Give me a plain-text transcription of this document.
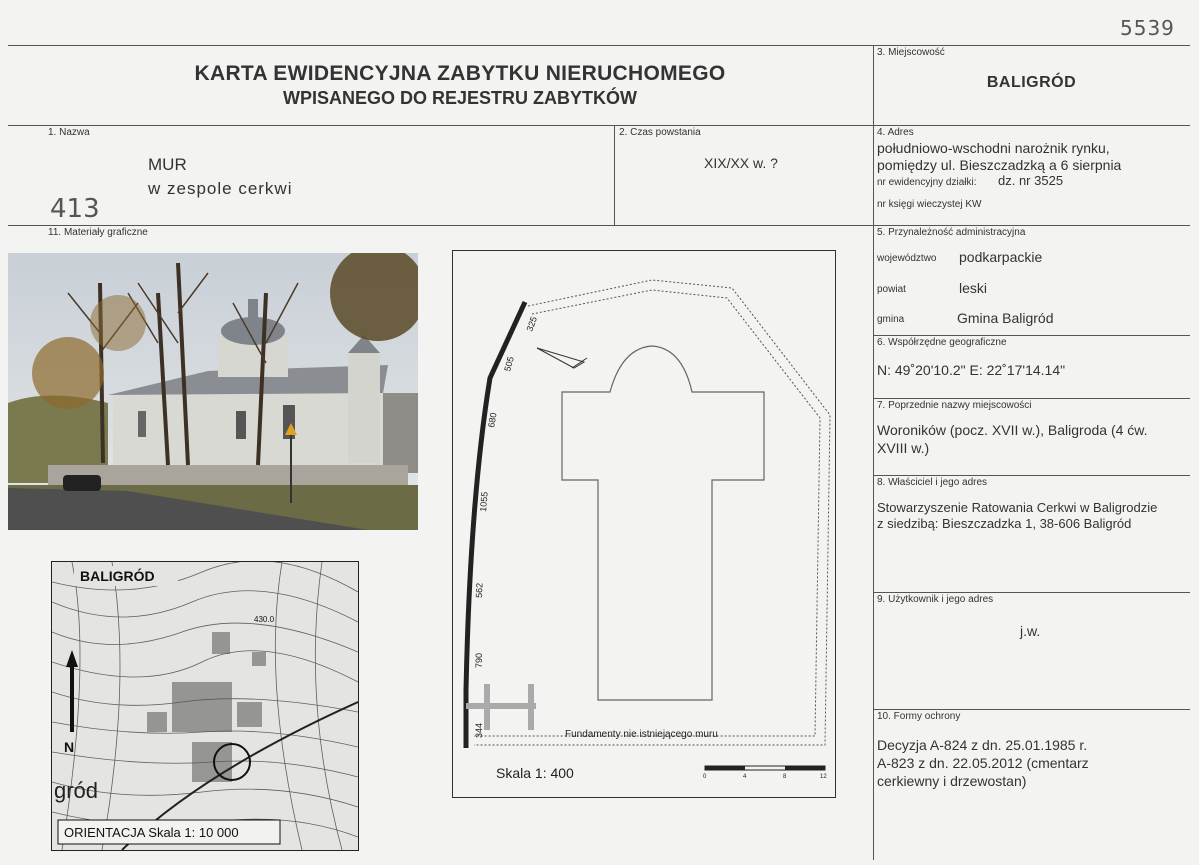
5539
413
KARTA EWIDENCYJNA ZABYTKU NIERUCHOMEGO
WPISANEGO DO REJESTRU ZABYTKÓW
3. Miejscowość
BALIGRÓD
1. Nazwa
MUR
w zespole cerkwi
2. Czas powstania
XIX/XX w. ?
4. Adres
południowo-wschodni narożnik rynku,
pomiędzy ul. Bieszczadzką a 6 sierpnia
nr ewidencyjny działki: dz. nr 3525
nr księgi wieczystej KW
11. Materiały graficzne
325
505
680
1055
562
790
344	Fundamenty nie istniejącego muru
Skala 1: 400	0	4	8	12
N
BALIGRÓD
430.0
gród
ORIENTACJA Skala 1: 10 000
5. Przynależność administracyjna
województwo podkarpackie
powiat	leski
gmina	Gmina Baligród
6. Współrzędne geograficzne
N: 49˚20'10.2" E: 22˚17'14.14"
7. Poprzednie nazwy miejscowości
Woroników (pocz. XVII w.), Baligroda (4 ćw.
XVIII w.)
8. Właściciel i jego adres
Stowarzyszenie Ratowania Cerkwi w Baligrodzie
z siedzibą: Bieszczadzka 1, 38-606 Baligród
9. Użytkownik i jego adres
j.w.
10. Formy ochrony
Decyzja A-824 z dn. 25.01.1985 r.
A-823 z dn. 22.05.2012 (cmentarz
cerkiewny i drzewostan)
